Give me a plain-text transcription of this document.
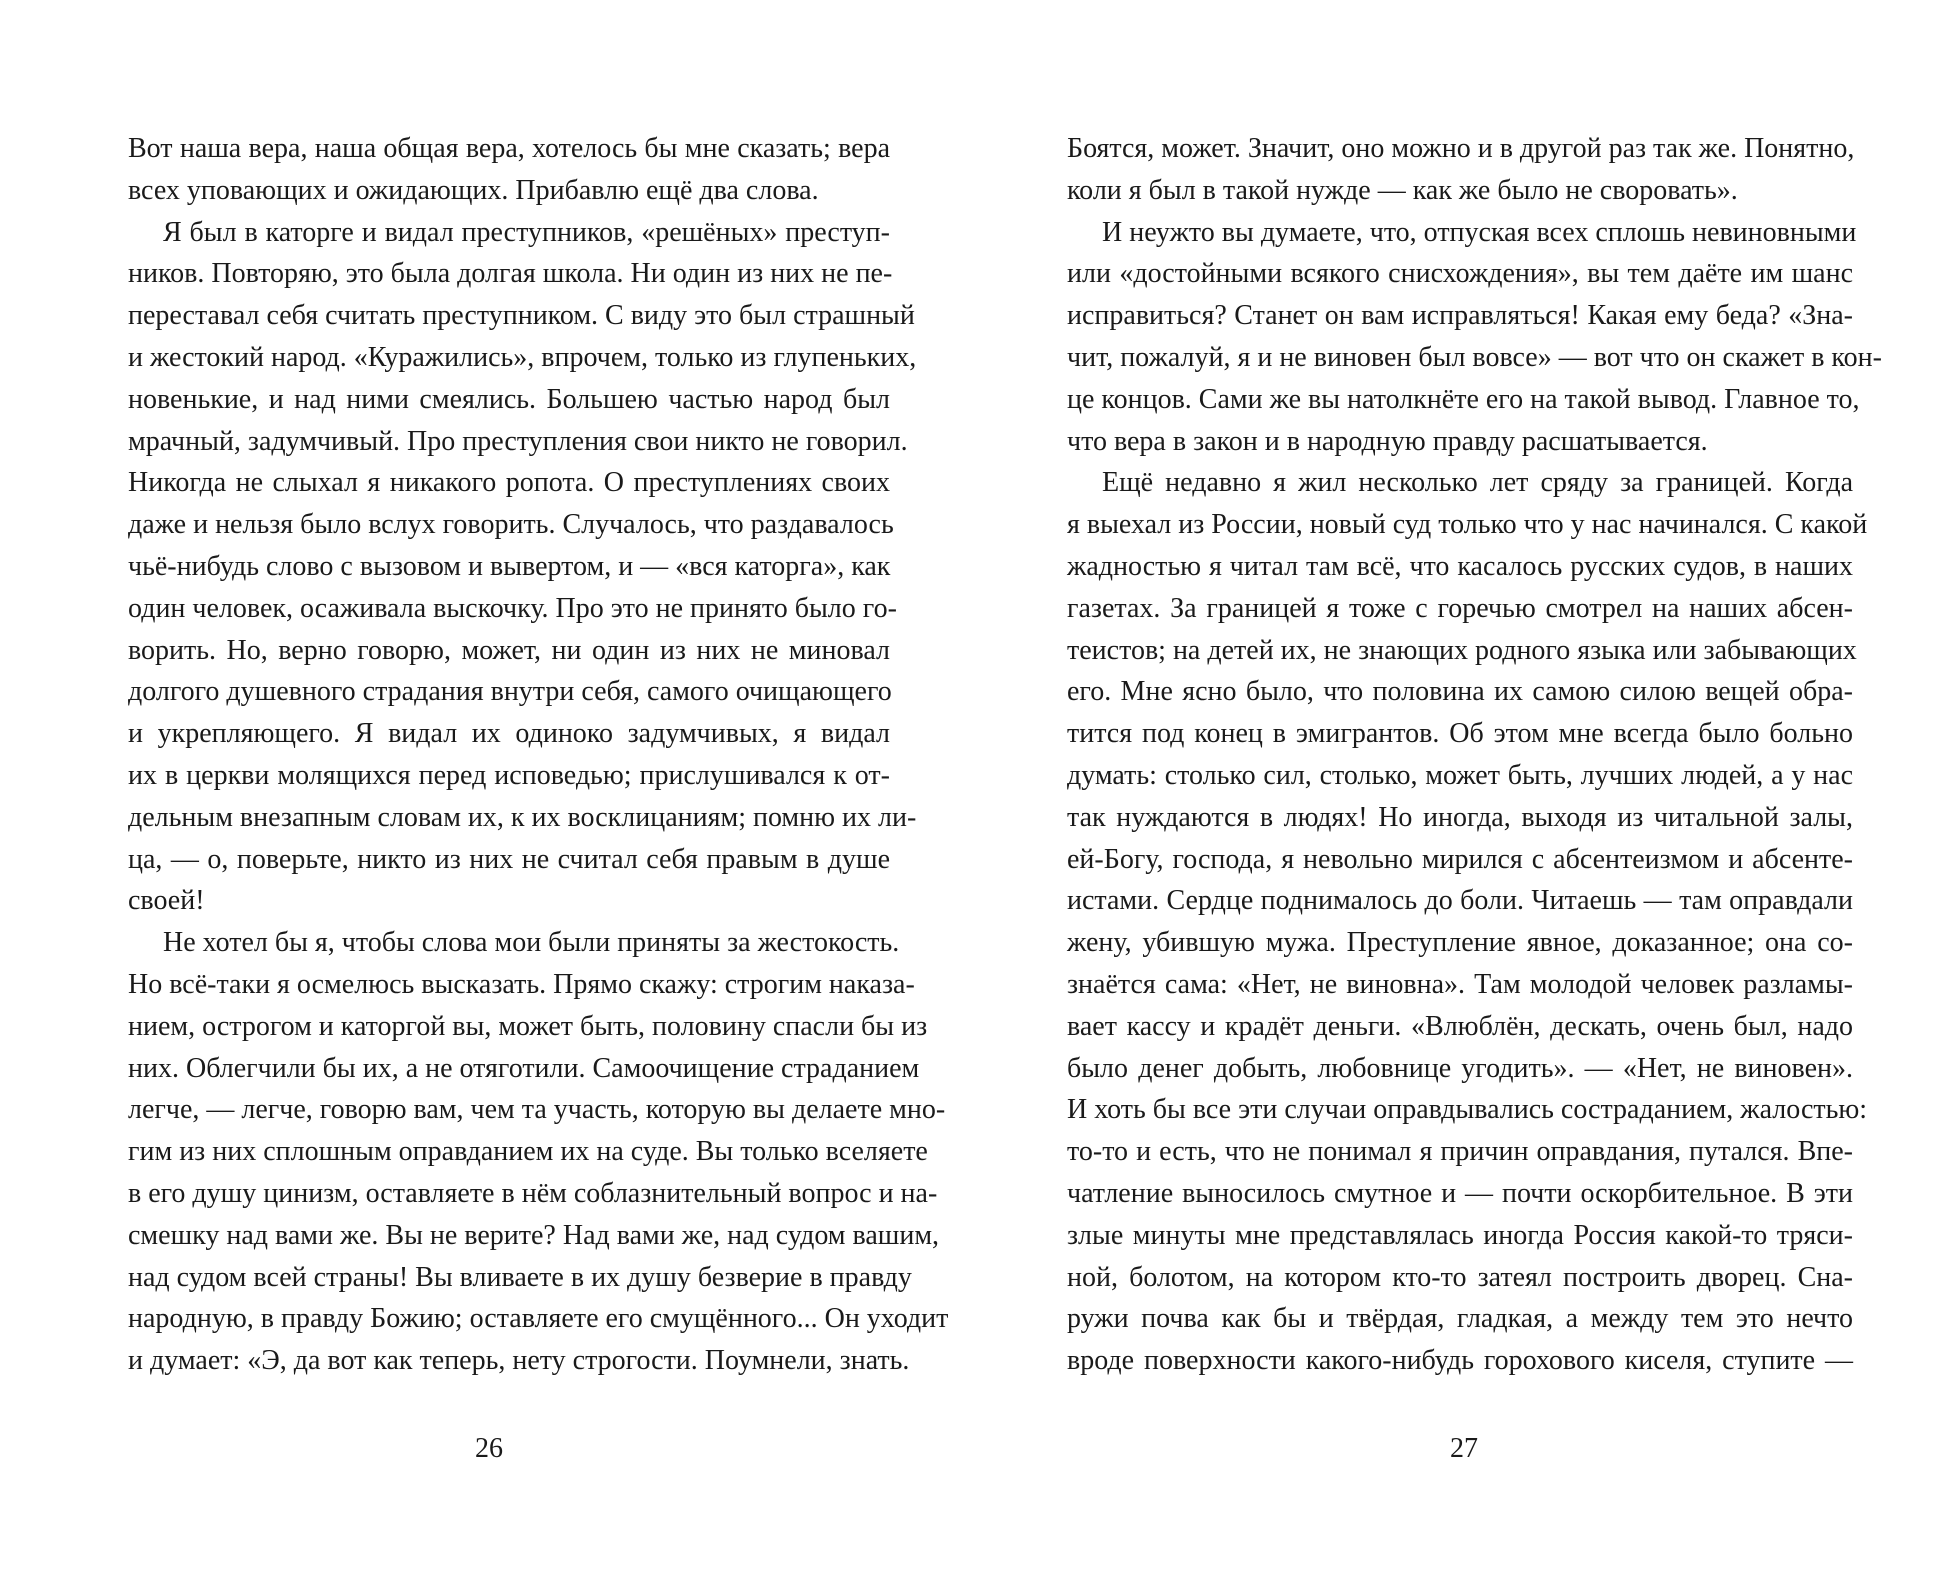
Вот наша вера, наша общая вера, хотелось бы мне сказать; вера
всех уповающих и ожидающих. Прибавлю ещё два слова.
Я был в каторге и видал преступников, «решёных» преступ-
ников. Повторяю, это была долгая школа. Ни один из них не пе-
переставал себя считать преступником. С виду это был страшный
и жестокий народ. «Куражились», впрочем, только из глупеньких,
новенькие, и над ними смеялись. Большею частью народ был
мрачный, задумчивый. Про преступления свои никто не говорил.
Никогда не слыхал я никакого ропота. О преступлениях своих
даже и нельзя было вслух говорить. Случалось, что раздавалось
чьё-нибудь слово с вызовом и вывертом, и — «вся каторга», как
один человек, осаживала выскочку. Про это не принято было го-
ворить. Но, верно говорю, может, ни один из них не миновал
долгого душевного страдания внутри себя, самого очищающего
и укрепляющего. Я видал их одиноко задумчивых, я видал
их в церкви молящихся перед исповедью; прислушивался к от-
дельным внезапным словам их, к их восклицаниям; помню их ли-
ца, — о, поверьте, никто из них не считал себя правым в душе
своей!
Не хотел бы я, чтобы слова мои были приняты за жестокость.
Но всё-таки я осмелюсь высказать. Прямо скажу: строгим наказа-
нием, острогом и каторгой вы, может быть, половину спасли бы из
них. Облегчили бы их, а не отяготили. Самоочищение страданием
легче, — легче, говорю вам, чем та участь, которую вы делаете мно-
гим из них сплошным оправданием их на суде. Вы только вселяете
в его душу цинизм, оставляете в нём соблазнительный вопрос и на-
смешку над вами же. Вы не верите? Над вами же, над судом вашим,
над судом всей страны! Вы вливаете в их душу безверие в правду
народную, в правду Божию; оставляете его смущённого... Он уходит
и думает: «Э, да вот как теперь, нету строгости. Поумнели, знать.
Боятся, может. Значит, оно можно и в другой раз так же. Понятно,
коли я был в такой нужде — как же было не своровать».
И неужто вы думаете, что, отпуская всех сплошь невиновными
или «достойными всякого снисхождения», вы тем даёте им шанс
исправиться? Станет он вам исправляться! Какая ему беда? «Зна-
чит, пожалуй, я и не виновен был вовсе» — вот что он скажет в кон-
це концов. Сами же вы натолкнёте его на такой вывод. Главное то,
что вера в закон и в народную правду расшатывается.
Ещё недавно я жил несколько лет сряду за границей. Когда
я выехал из России, новый суд только что у нас начинался. С какой
жадностью я читал там всё, что касалось русских судов, в наших
газетах. За границей я тоже с горечью смотрел на наших абсен-
теистов; на детей их, не знающих родного языка или забывающих
его. Мне ясно было, что половина их самою силою вещей обра-
тится под конец в эмигрантов. Об этом мне всегда было больно
думать: столько сил, столько, может быть, лучших людей, а у нас
так нуждаются в людях! Но иногда, выходя из читальной залы,
ей-Богу, господа, я невольно мирился с абсентеизмом и абсенте-
истами. Сердце поднималось до боли. Читаешь — там оправдали
жену, убившую мужа. Преступление явное, доказанное; она со-
знаётся сама: «Нет, не виновна». Там молодой человек разламы-
вает кассу и крадёт деньги. «Влюблён, дескать, очень был, надо
было денег добыть, любовнице угодить». — «Нет, не виновен».
И хоть бы все эти случаи оправдывались состраданием, жалостью:
то-то и есть, что не понимал я причин оправдания, путался. Впе-
чатление выносилось смутное и — почти оскорбительное. В эти
злые минуты мне представлялась иногда Россия какой-то тряси-
ной, болотом, на котором кто-то затеял построить дворец. Сна-
ружи почва как бы и твёрдая, гладкая, а между тем это нечто
вроде поверхности какого-нибудь горохового киселя, ступите —
26	27
